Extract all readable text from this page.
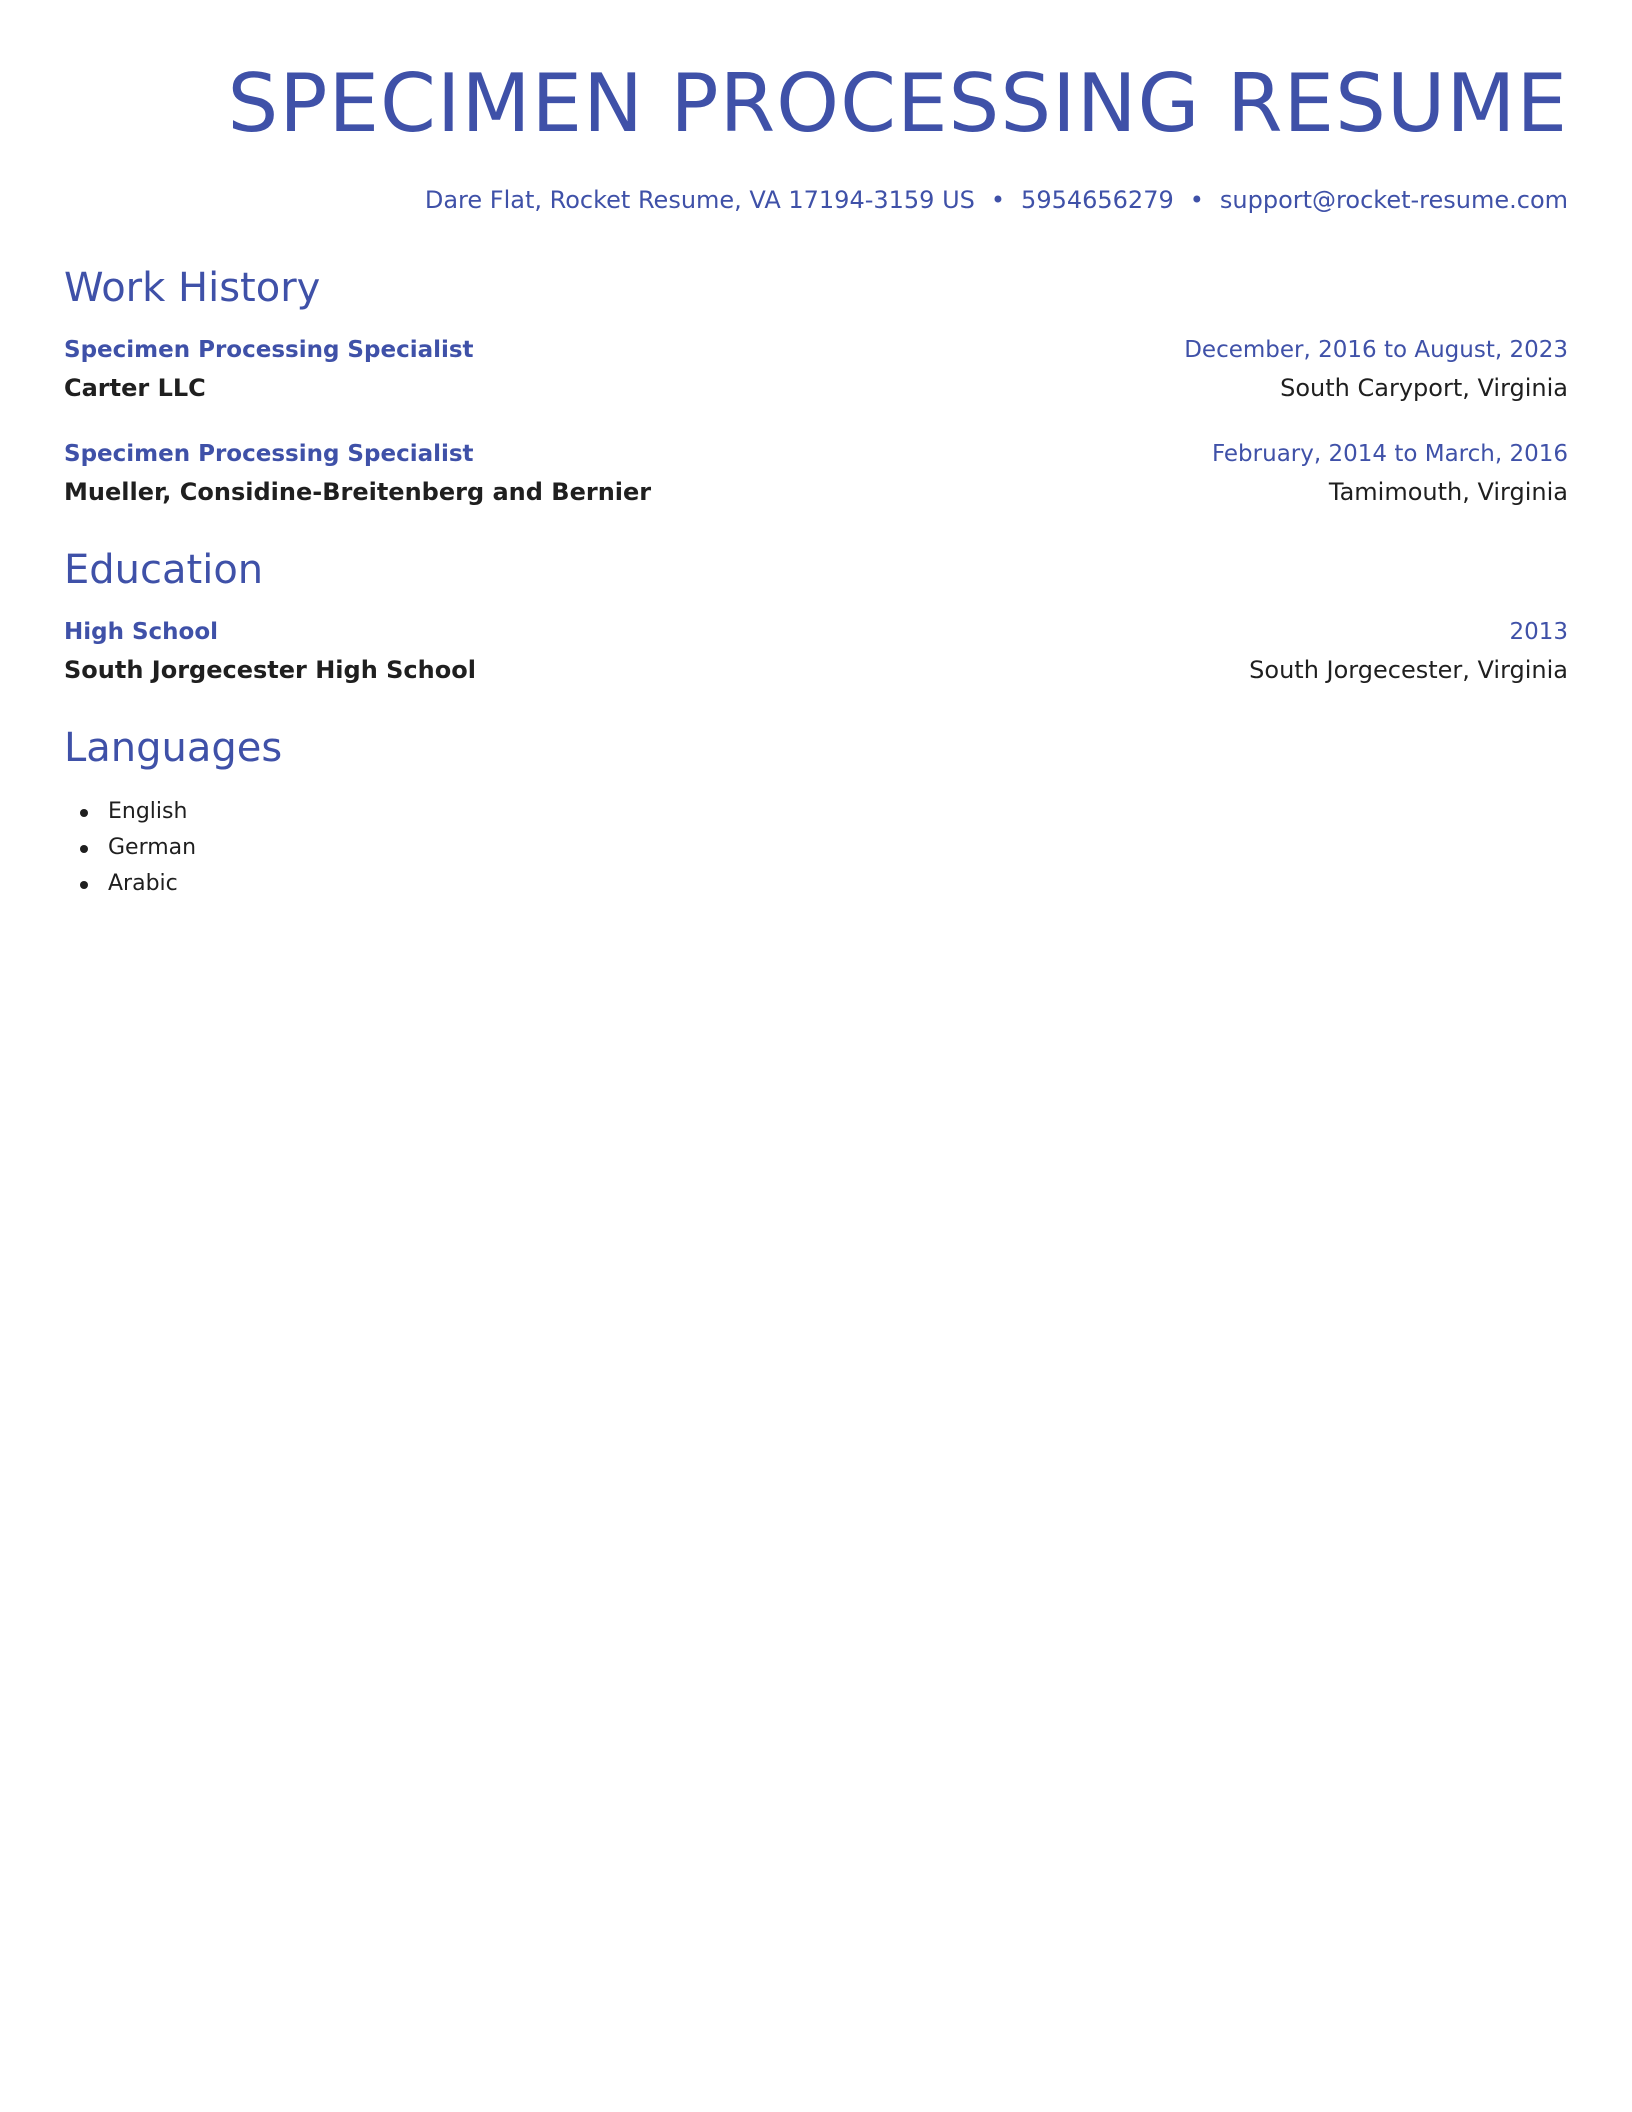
SPECIMEN PROCESSING RESUME
Dare Flat, Rocket Resume, VA 17194-3159 US • 5954656279 • support@rocket-resume.com
Work History
Specimen Processing Specialist	December, 2016 to August, 2023
Carter LLC	South Caryport, Virginia
Specimen Processing Specialist	February, 2014 to March, 2016
Mueller, Considine-Breitenberg and Bernier	Tamimouth, Virginia
Education
High School	2013
South Jorgecester High School	South Jorgecester, Virginia
Languages
English
German
Arabic
